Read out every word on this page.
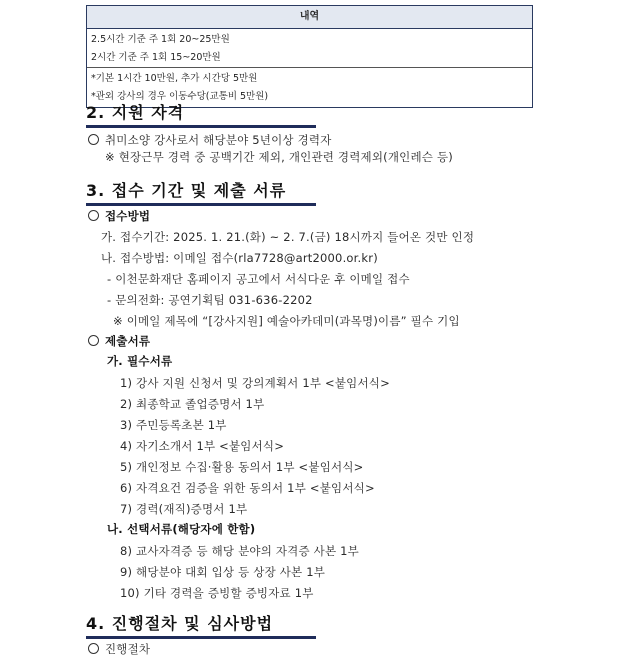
내역
2.5시간 기준 주 1회 20~25만원
2시간 기준 주 1회 15~20만원
*기본 1시간 10만원, 추가 시간당 5만원
*관외 강사의 경우 이동수당(교통비 5만원)
2. 지원 자격
취미소양 강사로서 해당분야 5년이상 경력자
※ 현장근무 경력 중 공백기간 제외, 개인관련 경력제외(개인레슨 등)
3. 접수 기간 및 제출 서류
접수방법
가. 접수기간: 2025. 1. 21.(화) ~ 2. 7.(금) 18시까지 들어온 것만 인정
나. 접수방법: 이메일 접수(rla7728@art2000.or.kr)
- 이천문화재단 홈페이지 공고에서 서식다운 후 이메일 접수
- 문의전화: 공연기획팀 031-636-2202
※ 이메일 제목에 “[강사지원] 예술아카데미(과목명)이름” 필수 기입
제출서류
가. 필수서류
1) 강사 지원 신청서 및 강의계획서 1부 <붙임서식>
2) 최종학교 졸업증명서 1부
3) 주민등록초본 1부
4) 자기소개서 1부 <붙임서식>
5) 개인정보 수집·활용 동의서 1부 <붙임서식>
6) 자격요건 검증을 위한 동의서 1부 <붙임서식>
7) 경력(재직)증명서 1부
나. 선택서류(해당자에 한함)
8) 교사자격증 등 해당 분야의 자격증 사본 1부
9) 해당분야 대회 입상 등 상장 사본 1부
10) 기타 경력을 증빙할 증빙자료 1부
4. 진행절차 및 심사방법
진행절차
